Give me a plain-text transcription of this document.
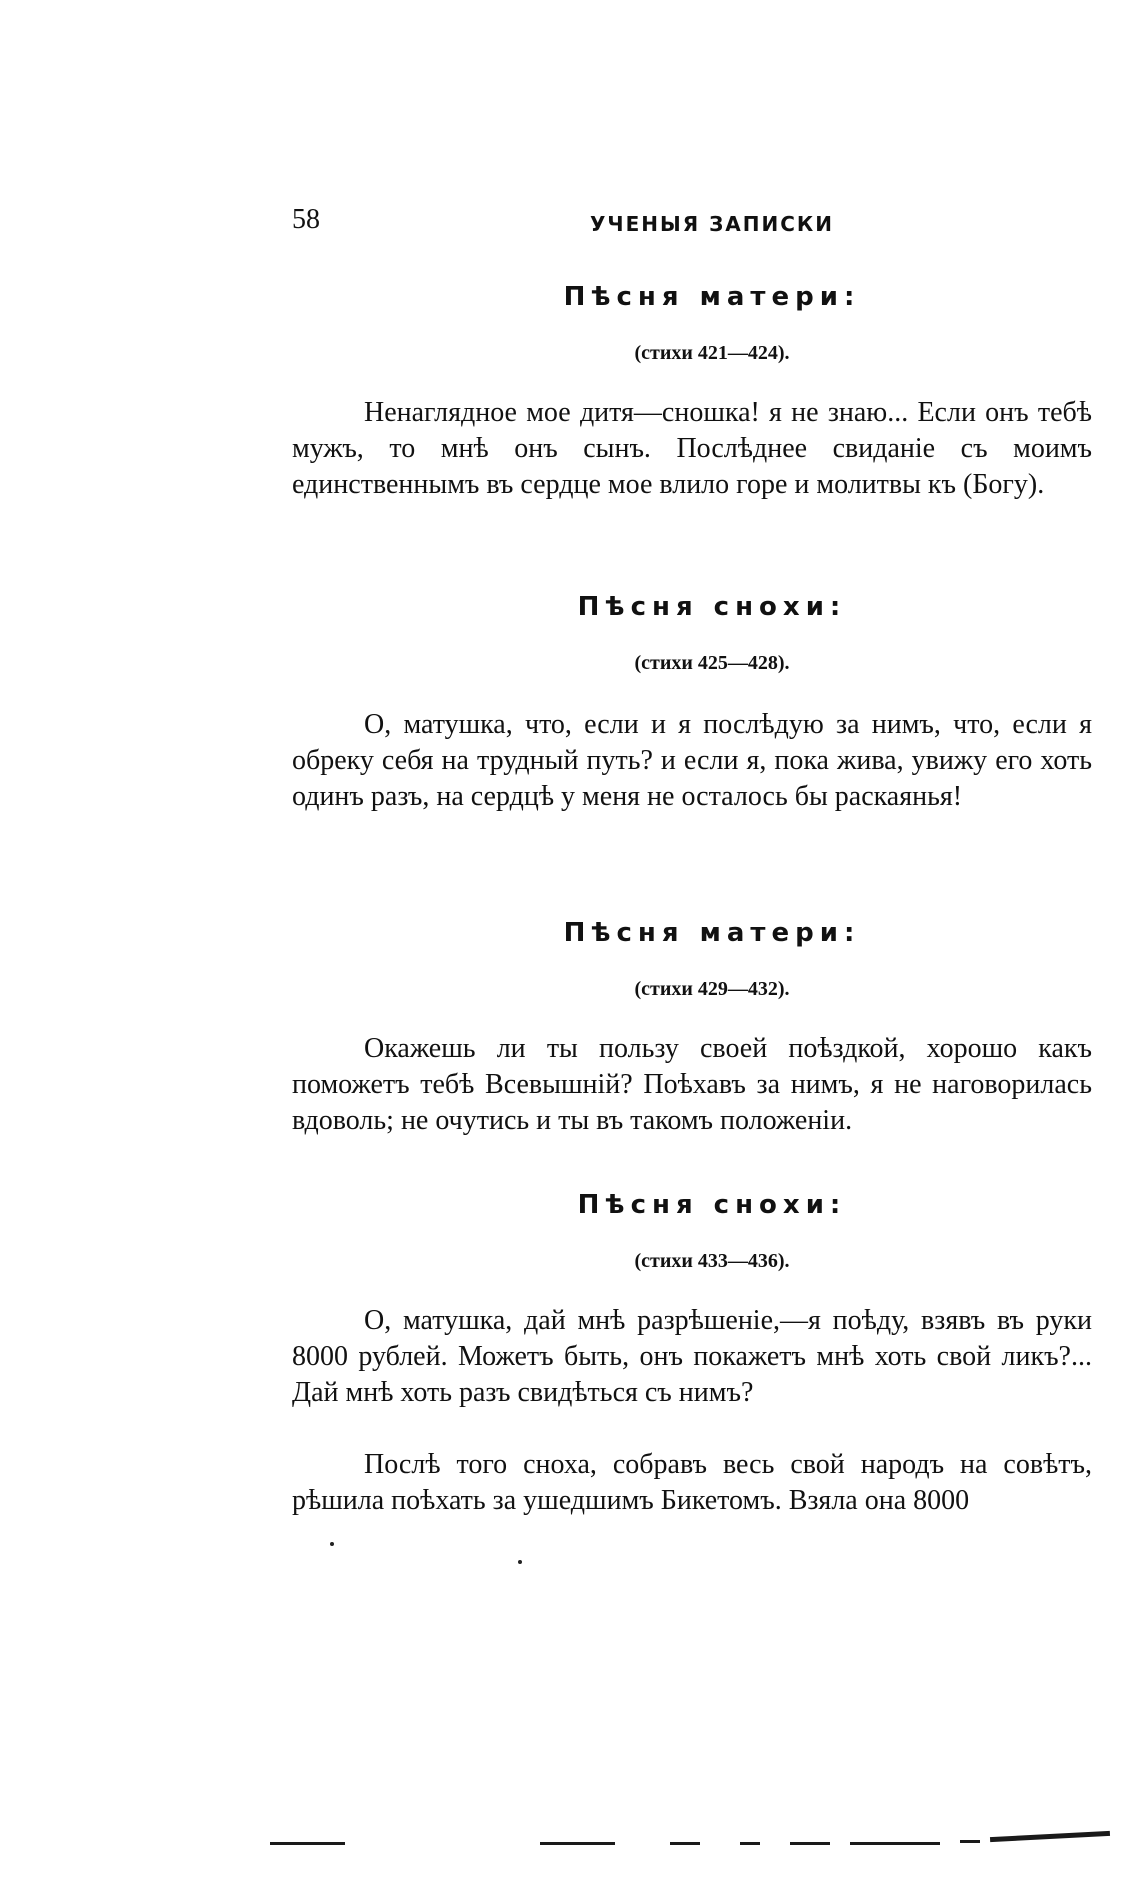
58	УЧЕНЫЯ ЗАПИСКИ
Пѣсня матери:
(стихи 421—424).

Ненаглядное мое дитя—сношка! я не знаю... Если онъ тебѣ мужъ, то мнѣ онъ сынъ. Послѣднее свиданіе съ моимъ единственнымъ въ сердце мое влило горе и молитвы къ (Богу).

Пѣсня снохи:
(стихи 425—428).

О, матушка, что, если и я послѣдую за нимъ, что, если я обреку себя на трудный путь? и если я, пока жива, увижу его хоть одинъ разъ, на сердцѣ у меня не осталось бы раскаянья!

Пѣсня матери:
(стихи 429—432).

Окажешь ли ты пользу своей поѣздкой, хорошо какъ поможетъ тебѣ Всевышній? Поѣхавъ за нимъ, я не наговорилась вдоволь; не очутись и ты въ такомъ положеніи.

Пѣсня снохи:
(стихи 433—436).

О, матушка, дай мнѣ разрѣшеніе,—я поѣду, взявъ въ руки 8000 рублей. Можетъ быть, онъ покажетъ мнѣ хоть свой ликъ?... Дай мнѣ хоть разъ свидѣться съ нимъ?

Послѣ того сноха, собравъ весь свой народъ на совѣтъ, рѣшила поѣхать за ушедшимъ Бикетомъ. Взяла она 8000
